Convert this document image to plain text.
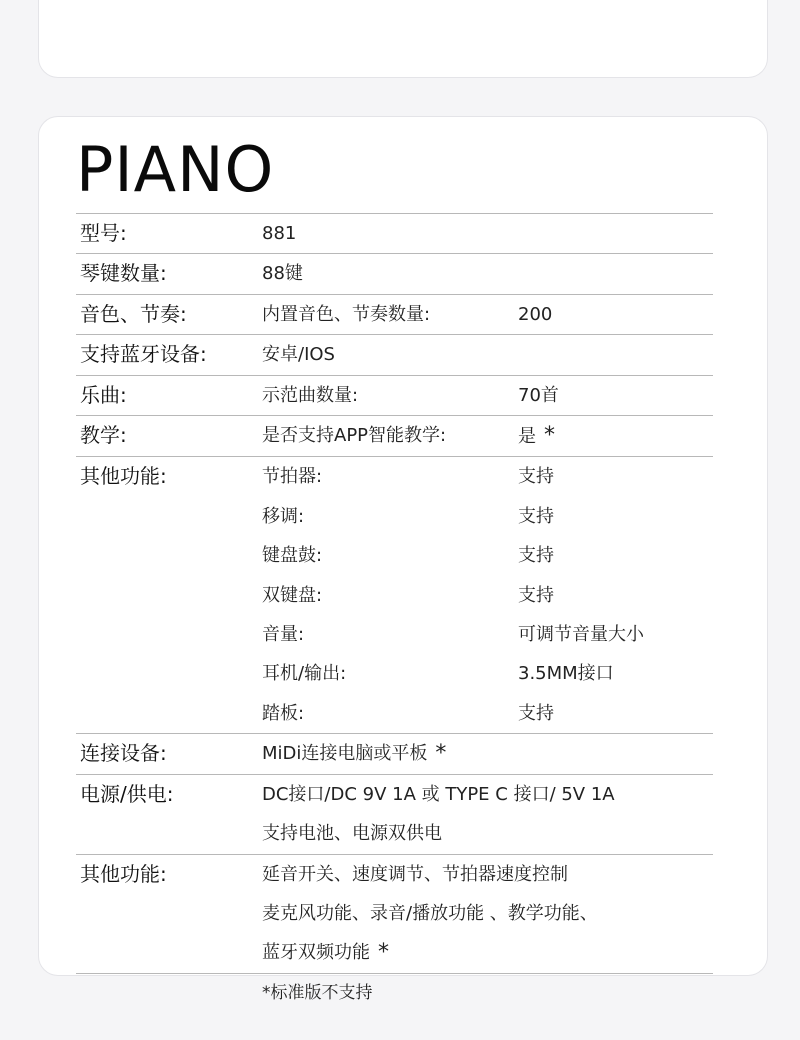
PIANO
型号:	881
琴键数量:	88键
音色、节奏:	内置音色、节奏数量:	200
支持蓝牙设备:	安卓/IOS
乐曲:	示范曲数量:	70首
教学:	是否支持APP智能教学:	是 *
其他功能:	节拍器:	支持
移调:	支持
键盘鼓:	支持
双键盘:	支持
音量:	可调节音量大小
耳机/输出:	3.5MM接口
踏板:	支持
连接设备:	MiDi连接电脑或平板 *
电源/供电:	DC接口/DC 9V 1A 或 TYPE C 接口/ 5V 1A
支持电池、电源双供电
其他功能:	延音开关、速度调节、节拍器速度控制
麦克风功能、录音/播放功能 、教学功能、
蓝牙双频功能 *
*标准版不支持
